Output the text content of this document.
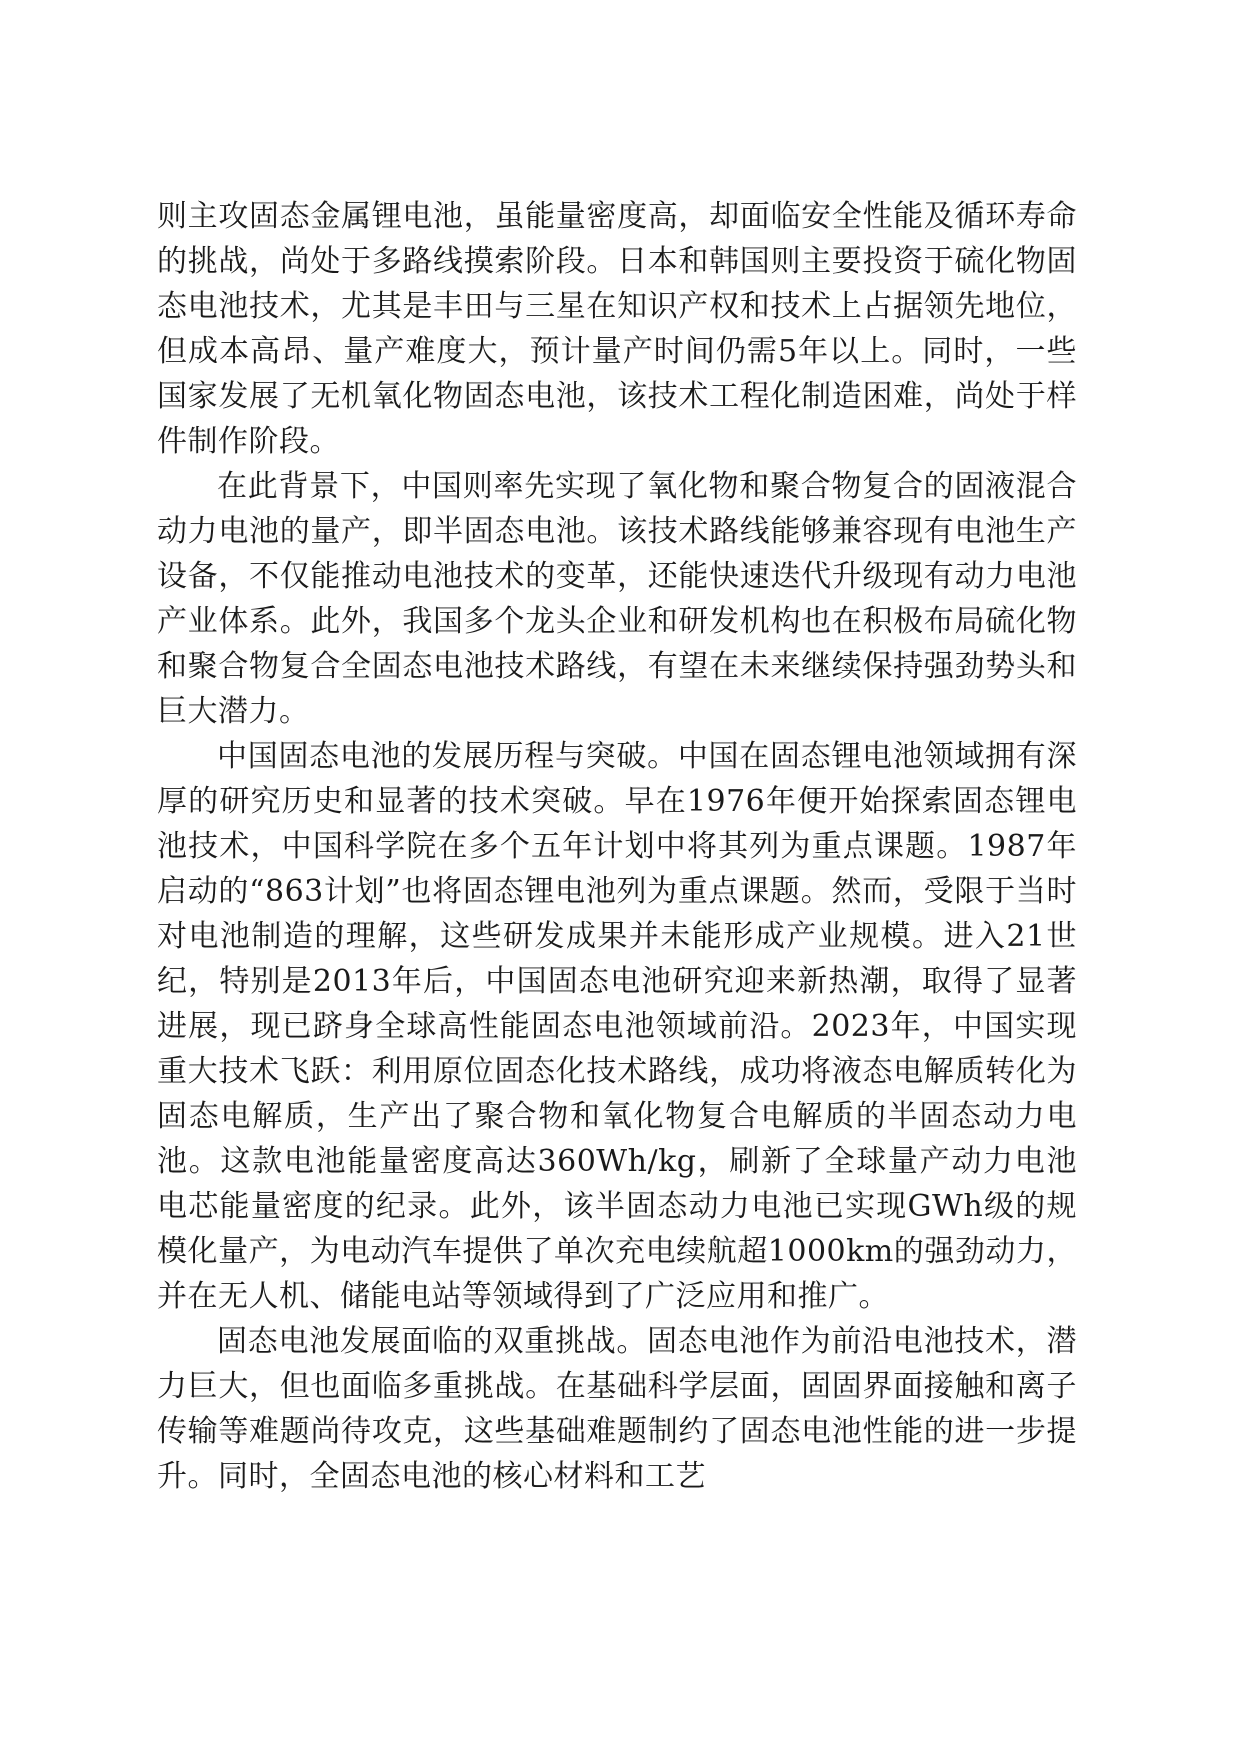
则主攻固态金属锂电池，虽能量密度高，却面临安全性能及循环寿命的挑战，尚处于多路线摸索阶段。日本和韩国则主要投资于硫化物固态电池技术，尤其是丰田与三星在知识产权和技术上占据领先地位，但成本高昂、量产难度大，预计量产时间仍需5年以上。同时，一些国家发展了无机氧化物固态电池，该技术工程化制造困难，尚处于样件制作阶段。

在此背景下，中国则率先实现了氧化物和聚合物复合的固液混合动力电池的量产，即半固态电池。该技术路线能够兼容现有电池生产设备，不仅能推动电池技术的变革，还能快速迭代升级现有动力电池产业体系。此外，我国多个龙头企业和研发机构也在积极布局硫化物和聚合物复合全固态电池技术路线，有望在未来继续保持强劲势头和巨大潜力。

中国固态电池的发展历程与突破。中国在固态锂电池领域拥有深厚的研究历史和显著的技术突破。早在1976年便开始探索固态锂电池技术，中国科学院在多个五年计划中将其列为重点课题。1987年启动的“863计划”也将固态锂电池列为重点课题。然而，受限于当时对电池制造的理解，这些研发成果并未能形成产业规模。进入21世纪，特别是2013年后，中国固态电池研究迎来新热潮，取得了显著进展，现已跻身全球高性能固态电池领域前沿。2023年，中国实现重大技术飞跃：利用原位固态化技术路线，成功将液态电解质转化为固态电解质，生产出了聚合物和氧化物复合电解质的半固态动力电池。这款电池能量密度高达360Wh/kg，刷新了全球量产动力电池电芯能量密度的纪录。此外，该半固态动力电池已实现GWh级的规模化量产，为电动汽车提供了单次充电续航超1000km的强劲动力，并在无人机、储能电站等领域得到了广泛应用和推广。

固态电池发展面临的双重挑战。固态电池作为前沿电池技术，潜力巨大，但也面临多重挑战。在基础科学层面，固固界面接触和离子传输等难题尚待攻克，这些基础难题制约了固态电池性能的进一步提升。同时，全固态电池的核心材料和工艺
